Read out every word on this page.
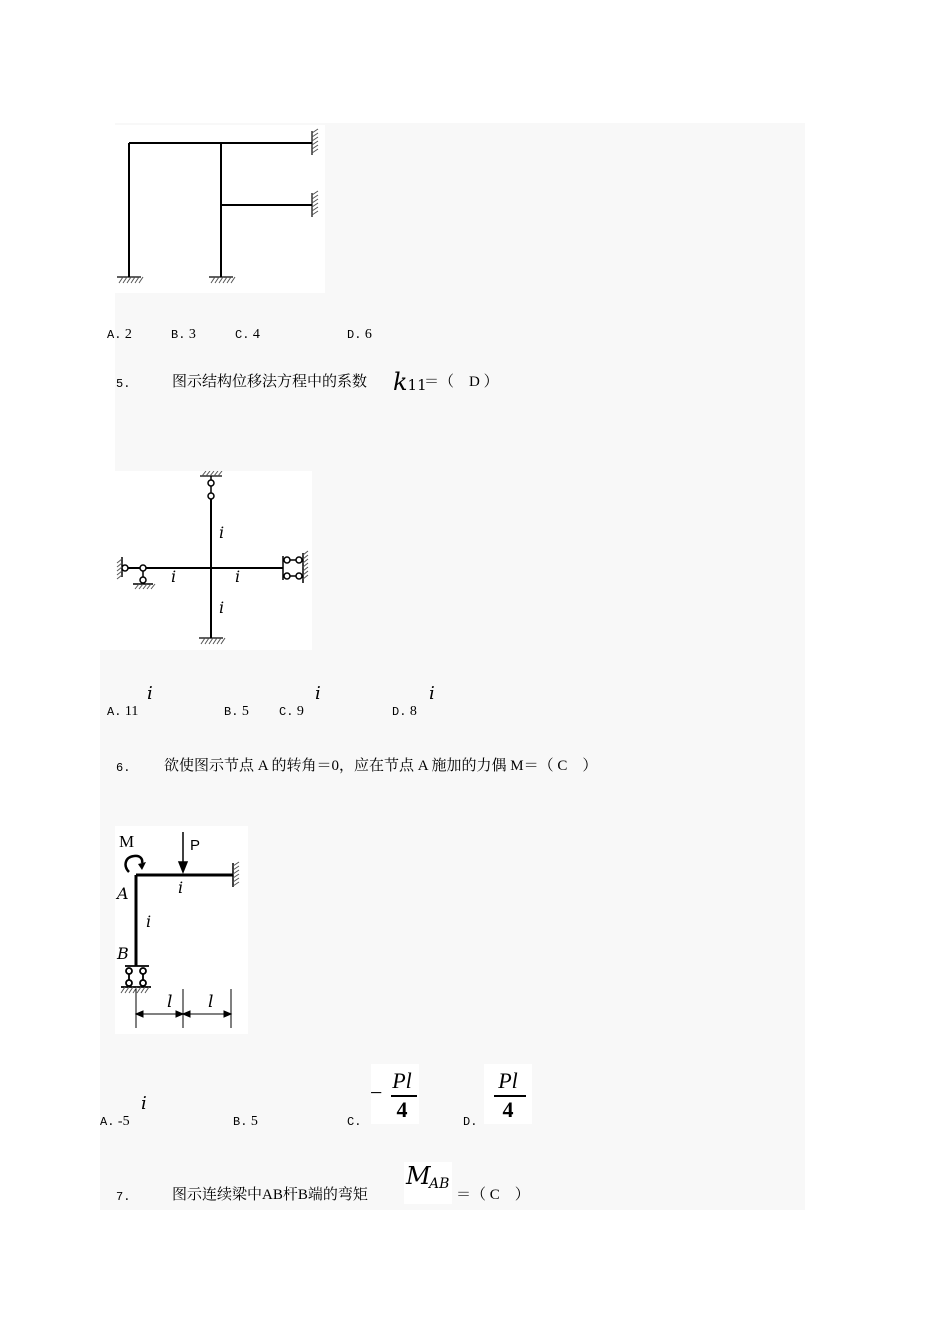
A. 2	B. 3	C. 4	D. 6
5.	图示结构位移法方程中的系数 k11
＝（　D ）
i
i	i
i
A. 11
i
B. 5	C. 9
i
D. 8
i
6. 欲使图示节点 A 的转角＝0，应在节点 A 施加的力偶 M＝（ C　）
M	P
A	i
i
B
l l
A. -5
i
B. 5	C.
− Pl
4	D.
Pl
4
7.	图示连续梁中AB杆B端的弯矩
M
AB
＝（ C　）
